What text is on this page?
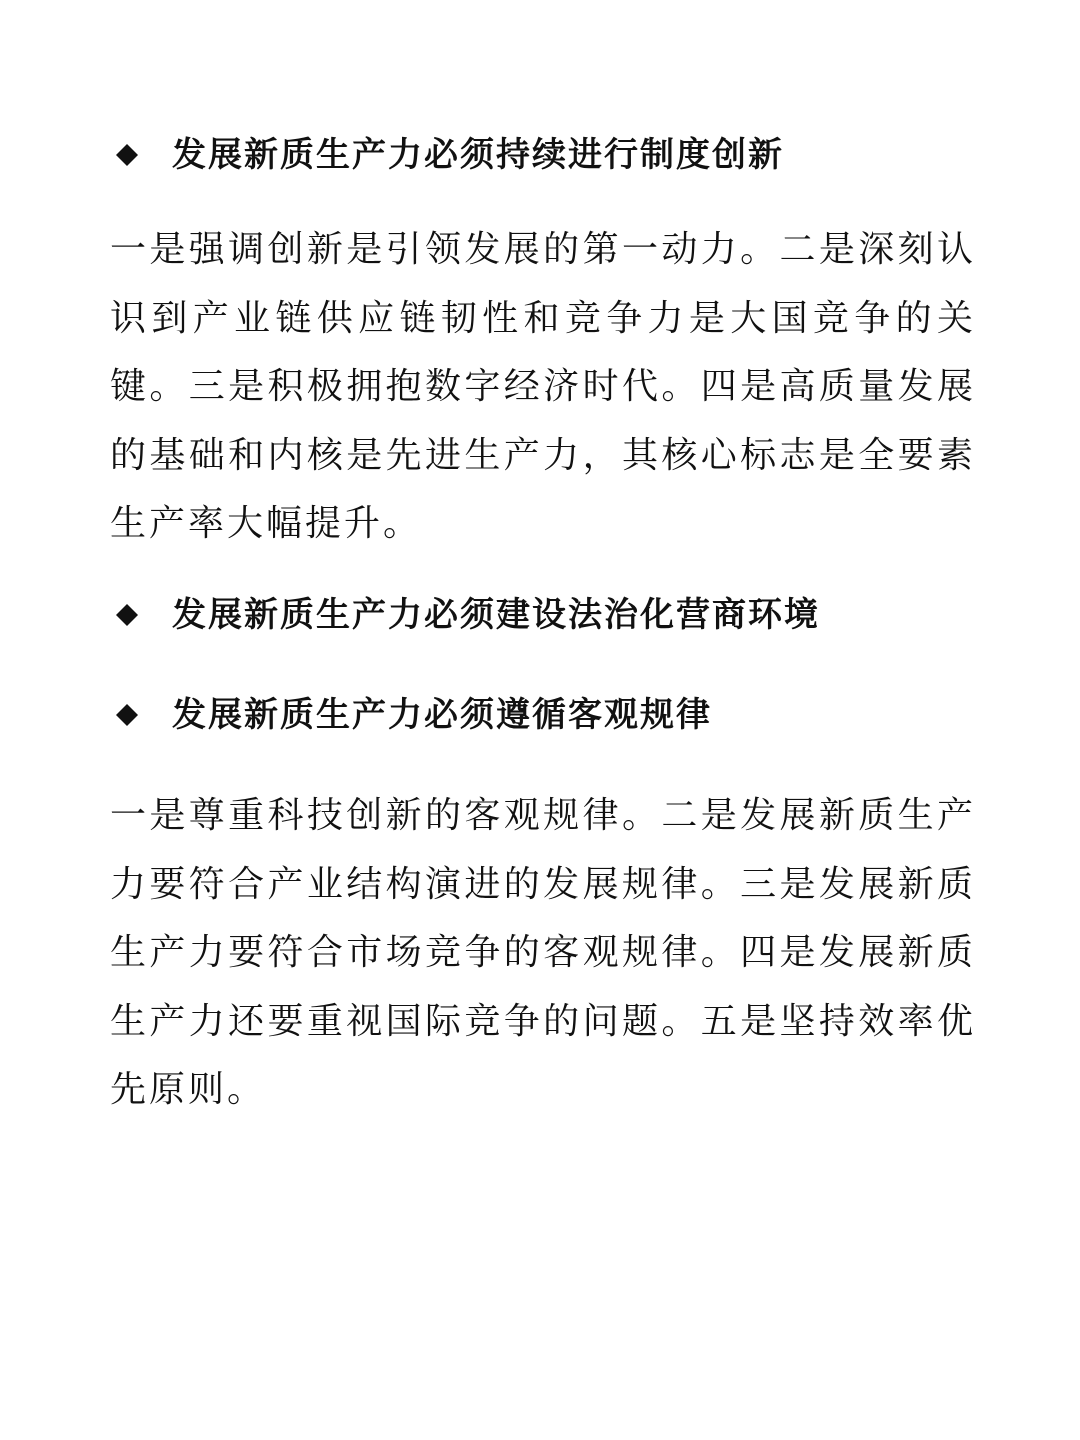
发展新质生产力必须持续进行制度创新

一是强调创新是引领发展的第一动力。二是深刻认识到产业链供应链韧性和竞争力是大国竞争的关键。三是积极拥抱数字经济时代。四是高质量发展的基础和内核是先进生产力，其核心标志是全要素生产率大幅提升。

发展新质生产力必须建设法治化营商环境
发展新质生产力必须遵循客观规律

一是尊重科技创新的客观规律。二是发展新质生产力要符合产业结构演进的发展规律。三是发展新质生产力要符合市场竞争的客观规律。四是发展新质生产力还要重视国际竞争的问题。五是坚持效率优先原则。
